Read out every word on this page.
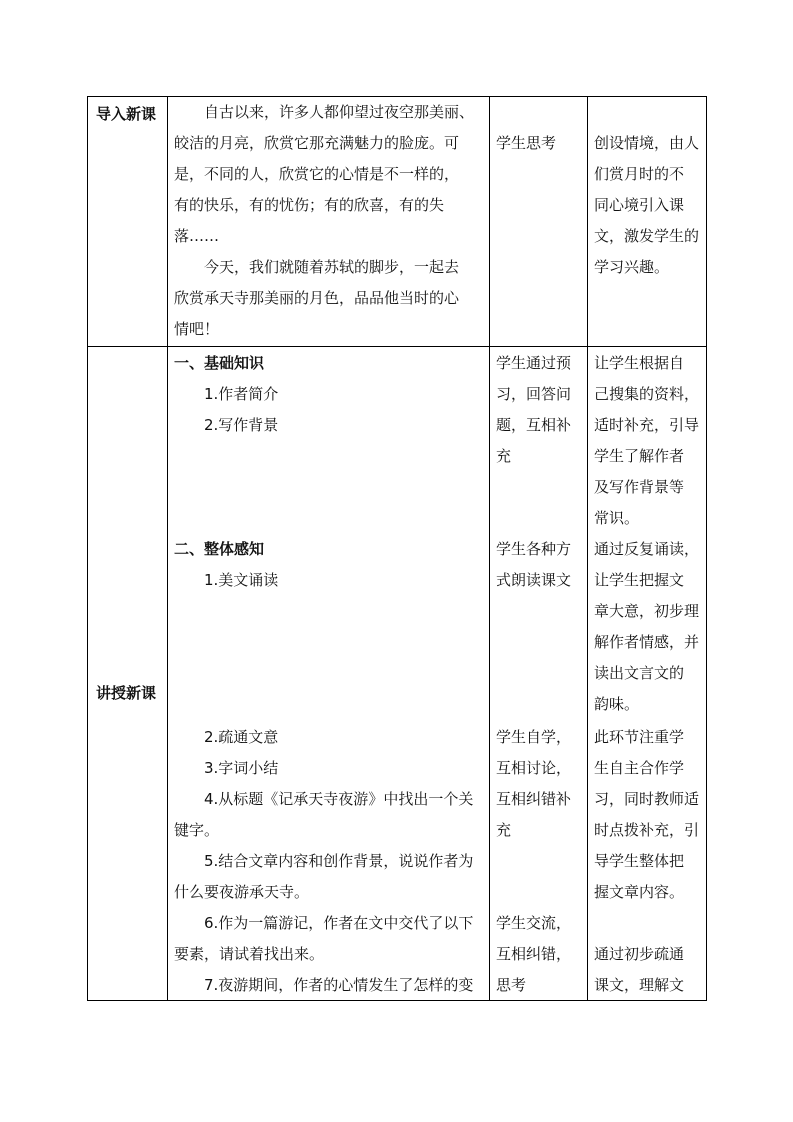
导入新课	自古以来，许多人都仰望过夜空那美丽、
皎洁的月亮，欣赏它那充满魅力的脸庞。可
是，不同的人，欣赏它的心情是不一样的，
有的快乐，有的忧伤；有的欣喜，有的失
落……
今天，我们就随着苏轼的脚步，一起去
欣赏承天寺那美丽的月色，品品他当时的心
情吧！
学生思考	创设情境，由人
们赏月时的不
同心境引入课
文，激发学生的
学习兴趣。
讲授新课
一、基础知识
1.作者简介
2.写作背景
学生通过预
习，回答问
题，互相补
充
让学生根据自
己搜集的资料，
适时补充，引导
学生了解作者
及写作背景等
常识。
二、整体感知
1.美文诵读
学生各种方
式朗读课文
通过反复诵读，
让学生把握文
章大意，初步理
解作者情感，并
读出文言文的
韵味。
2.疏通文意
3.字词小结
4.从标题《记承天寺夜游》中找出一个关
键字。
5.结合文章内容和创作背景，说说作者为
什么要夜游承天寺。
6.作为一篇游记，作者在文中交代了以下
要素，请试着找出来。
7.夜游期间，作者的心情发生了怎样的变
学生自学，
互相讨论，
互相纠错补
充
此环节注重学
生自主合作学
习，同时教师适
时点拨补充，引
导学生整体把
握文章内容。
学生交流，
互相纠错，
思考
通过初步疏通
课文，理解文
